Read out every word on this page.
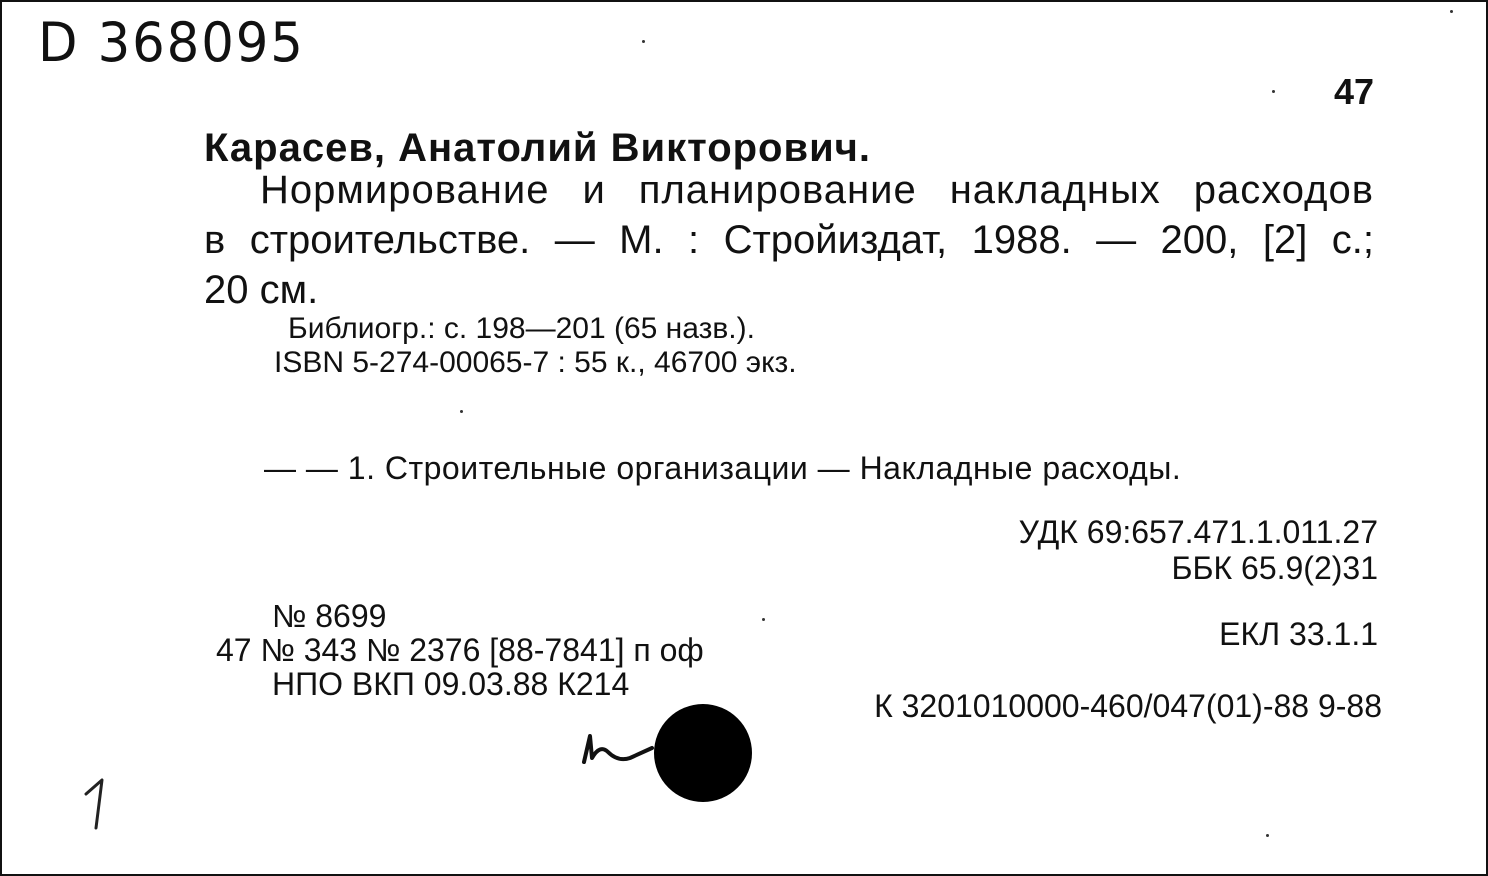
D 368095
47
Карасев, Анатолий Викторович.
Нормирование и планирование накладных расходов
в строительстве. — М. : Стройиздат, 1988. — 200, [2] с.;
20 см.
Библиогр.: с. 198—201 (65 назв.).
ISBN 5-274-00065-7 : 55 к., 46700 экз.
— — 1. Строительные организации — Накладные расходы.
УДК 69:657.471.1.011.27
ББК 65.9(2)31
ЕКЛ 33.1.1
К 3201010000-460/047(01)-88 9-88
№ 8699
47 № 343 № 2376 [88-7841] п оф
НПО ВКП 09.03.88 К214
